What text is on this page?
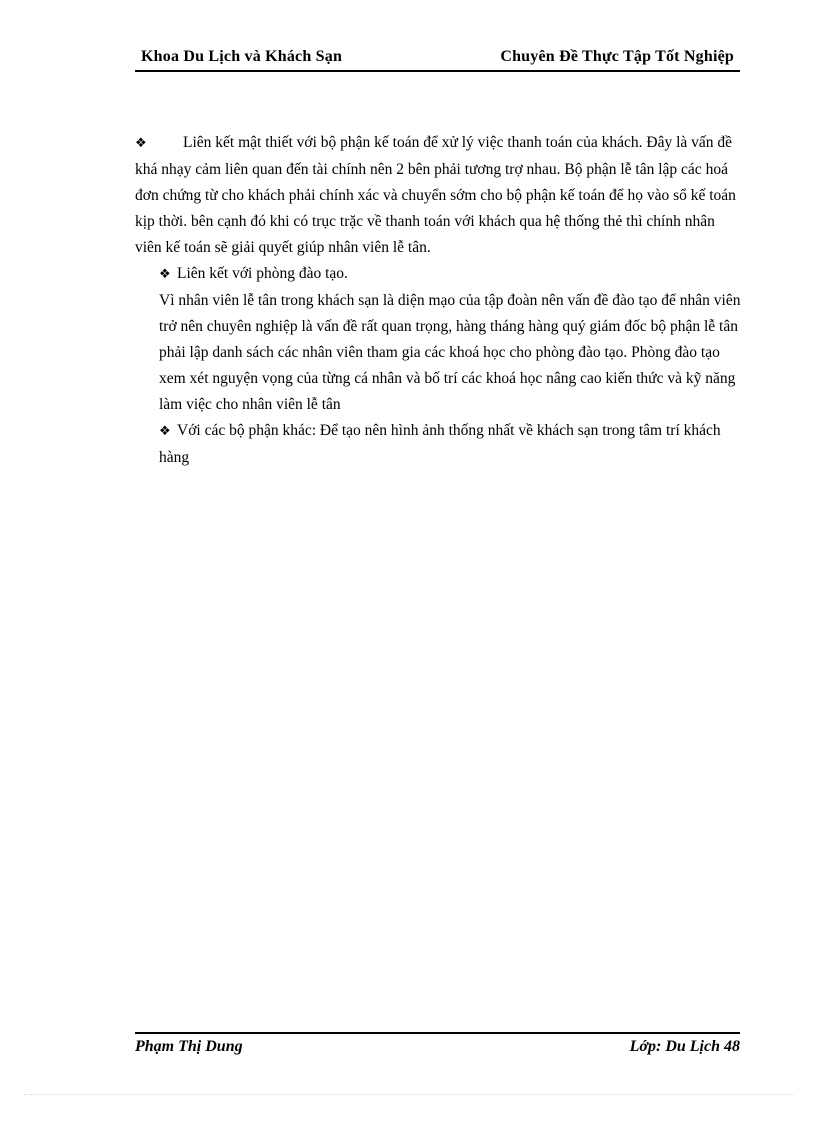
Khoa Du Lịch và Khách Sạn	Chuyên Đề Thực Tập Tốt Nghiệp

❖ Liên kết mật thiết với bộ phận kế toán để xử lý việc thanh toán của khách. Đây là vấn đề khá nhạy cảm liên quan đến tài chính nên 2 bên phải tương trợ nhau. Bộ phận lễ tân lập các hoá đơn chứng từ cho khách phải chính xác và chuyển sớm cho bộ phận kế toán để họ vào sổ kế toán kịp thời. bên cạnh đó khi có trục trặc về thanh toán với khách qua hệ thống thẻ thì chính nhân viên kế toán sẽ giải quyết giúp nhân viên lễ tân.

❖ Liên kết với phòng đào tạo.

Vì nhân viên lễ tân trong khách sạn là diện mạo của tập đoàn nên vấn đề đào tạo để nhân viên trở nên chuyên nghiệp là vấn đề rất quan trọng, hàng tháng hàng quý giám đốc bộ phận lễ tân phải lập danh sách các nhân viên tham gia các khoá học cho phòng đào tạo. Phòng đào tạo xem xét nguyện vọng của từng cá nhân và bố trí các khoá học nâng cao kiến thức và kỹ năng làm việc cho nhân viên lễ tân

❖ Với các bộ phận khác: Để tạo nên hình ảnh thống nhất về khách sạn trong tâm trí khách hàng

Phạm Thị Dung	Lớp: Du Lịch 48
